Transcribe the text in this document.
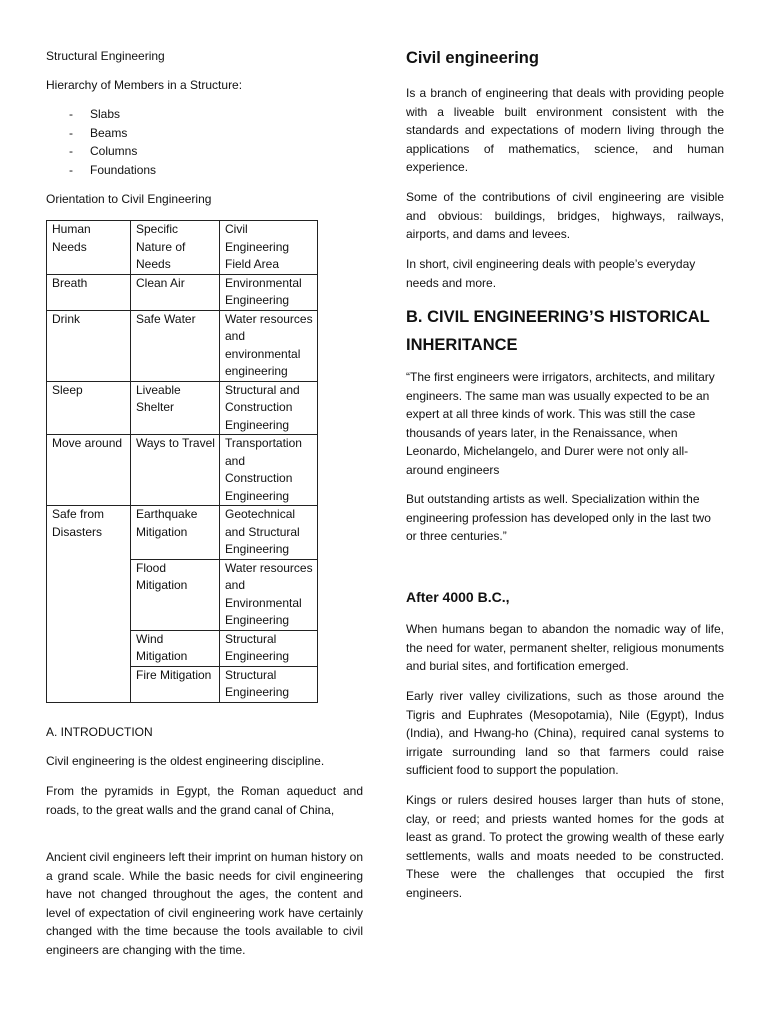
Structural Engineering

Hierarchy of Members in a Structure:

- Slabs
- Beams
- Columns
- Foundations

Orientation to Civil Engineering

Human Needs	Specific Nature of Needs	Civil Engineering Field Area
Breath	Clean Air	Environmental Engineering
Drink	Safe Water	Water resources and environmental engineering
Sleep	Liveable Shelter	Structural and Construction Engineering
Move around	Ways to Travel	Transportation and Construction Engineering
Safe from Disasters	Earthquake Mitigation	Geotechnical and Structural Engineering
	Flood Mitigation	Water resources and Environmental Engineering
	Wind Mitigation	Structural Engineering
	Fire Mitigation	Structural Engineering

A. INTRODUCTION

Civil engineering is the oldest engineering discipline.

From the pyramids in Egypt, the Roman aqueduct and roads, to the great walls and the grand canal of China,

Ancient civil engineers left their imprint on human history on a grand scale. While the basic needs for civil engineering have not changed throughout the ages, the content and level of expectation of civil engineering work have certainly changed with the time because the tools available to civil engineers are changing with the time.

Civil engineering

Is a branch of engineering that deals with providing people with a liveable built environment consistent with the standards and expectations of modern living through the applications of mathematics, science, and human experience.

Some of the contributions of civil engineering are visible and obvious: buildings, bridges, highways, railways, airports, and dams and levees.

In short, civil engineering deals with people’s everyday needs and more.

B. CIVIL ENGINEERING’S HISTORICAL INHERITANCE

“The first engineers were irrigators, architects, and military engineers. The same man was usually expected to be an expert at all three kinds of work. This was still the case thousands of years later, in the Renaissance, when Leonardo, Michelangelo, and Durer were not only all-around engineers

But outstanding artists as well. Specialization within the engineering profession has developed only in the last two or three centuries.”

After 4000 B.C.,

When humans began to abandon the nomadic way of life, the need for water, permanent shelter, religious monuments and burial sites, and fortification emerged.

Early river valley civilizations, such as those around the Tigris and Euphrates (Mesopotamia), Nile (Egypt), Indus (India), and Hwang-ho (China), required canal systems to irrigate surrounding land so that farmers could raise sufficient food to support the population.

Kings or rulers desired houses larger than huts of stone, clay, or reed; and priests wanted homes for the gods at least as grand. To protect the growing wealth of these early settlements, walls and moats needed to be constructed. These were the challenges that occupied the first engineers.
